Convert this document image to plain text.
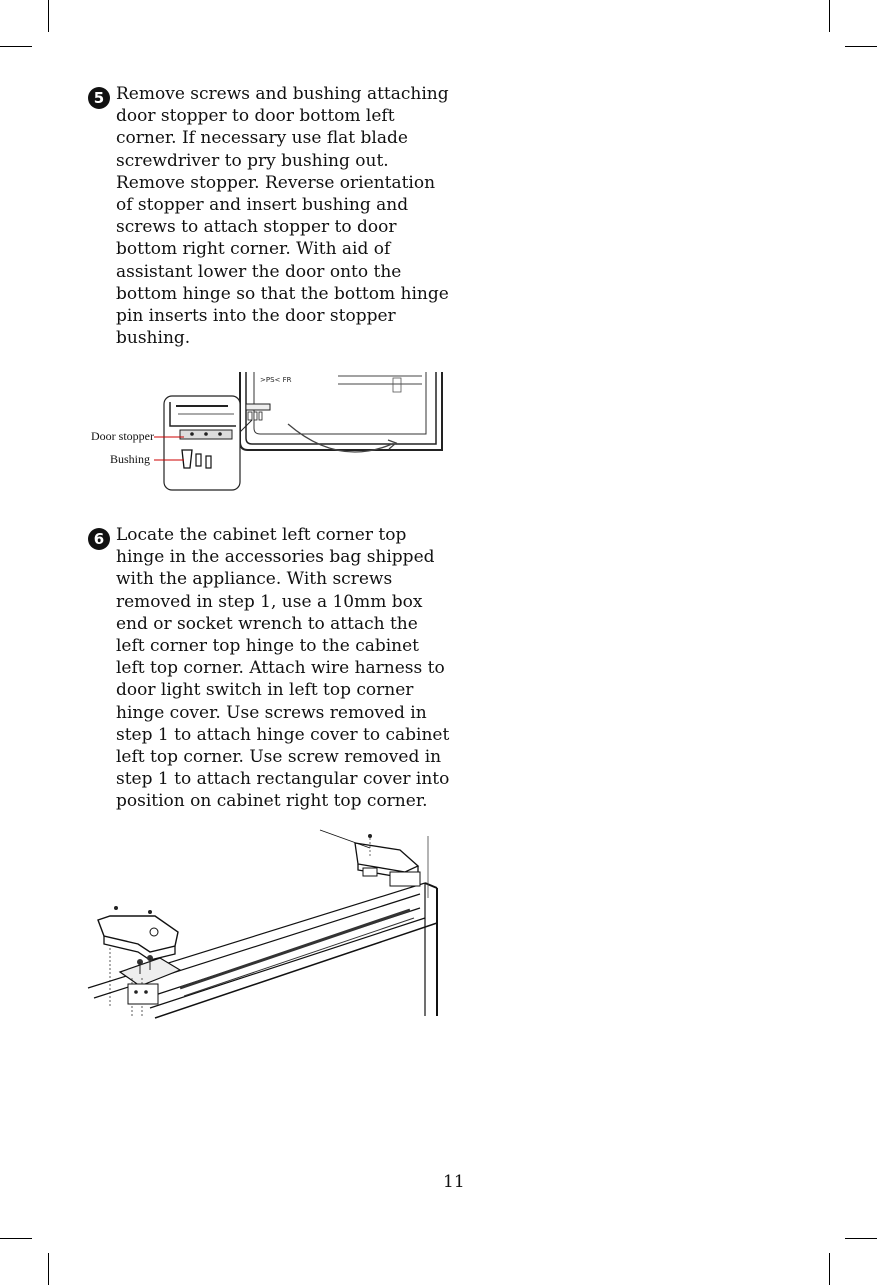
5 Remove screws and bushing attaching door stopper to door bottom left corner. If necessary use flat blade screwdriver to pry bushing out. Remove stopper. Reverse orientation of stopper and insert bushing and screws to attach stopper to door bottom right corner. With aid of assistant lower the door onto the bottom hinge so that the bottom hinge pin inserts into the door stopper bushing.

>PS< FR
Door stopper
Bushing
6 Locate the cabinet left corner top hinge in the accessories bag shipped with the appliance. With screws removed in step 1, use a 10mm box end or socket wrench to attach the left corner top hinge to the cabinet left top corner. Attach wire harness to door light switch in left top corner hinge cover. Use screws removed in step 1 to attach hinge cover to cabinet left top corner. Use screw removed in step 1 to attach rectangular cover into position on cabinet right top corner.

11
